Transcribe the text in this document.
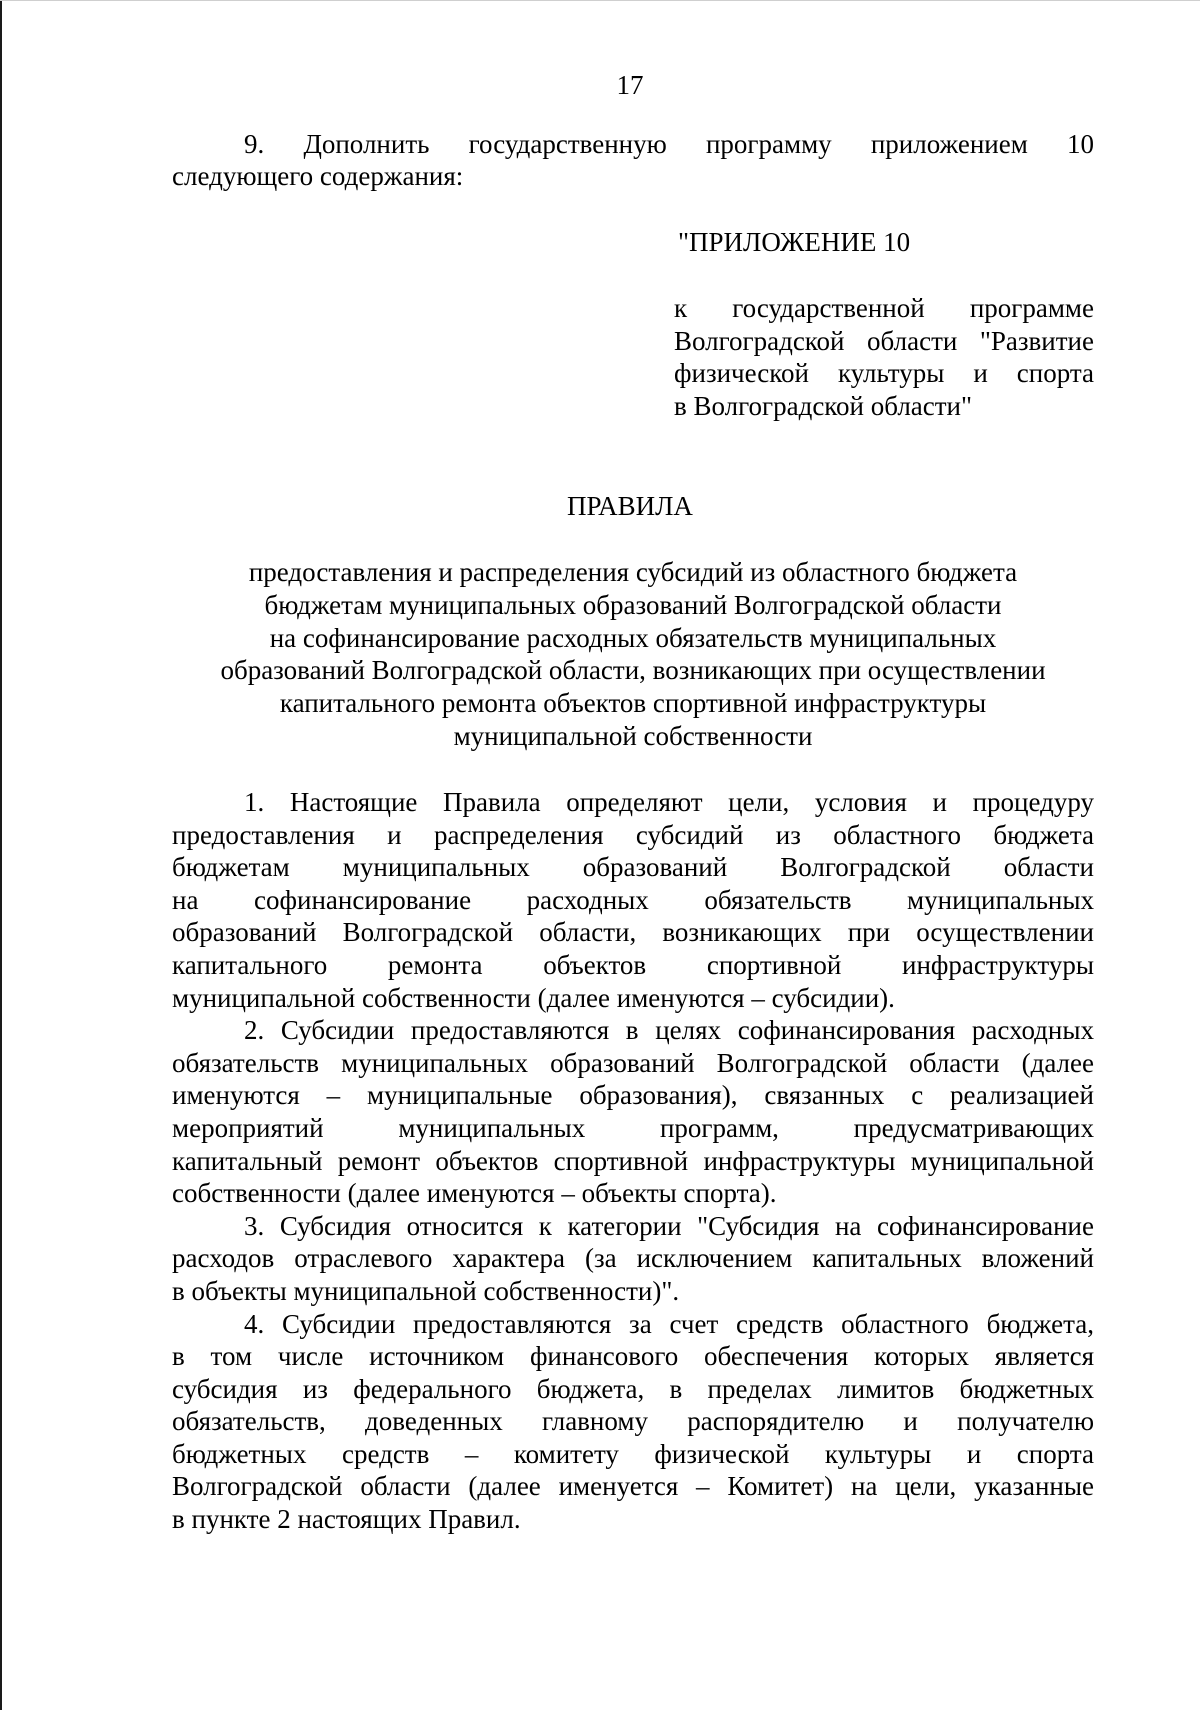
17

9. Дополнить государственную программу приложением 10

следующего содержания:

"ПРИЛОЖЕНИЕ 10
к государственной программе
Волгоградской области "Развитие
физической культуры и спорта
в Волгоградской области"
ПРАВИЛА
предоставления и распределения субсидий из областного бюджета
бюджетам муниципальных образований Волгоградской области
на софинансирование расходных обязательств муниципальных
образований Волгоградской области, возникающих при осуществлении
капитального ремонта объектов спортивной инфраструктуры
муниципальной собственности
1. Настоящие Правила определяют цели, условия и процедуру
предоставления и распределения субсидий из областного бюджета
бюджетам муниципальных образований Волгоградской области
на софинансирование расходных обязательств муниципальных
образований Волгоградской области, возникающих при осуществлении
капитального ремонта объектов спортивной инфраструктуры
муниципальной собственности (далее именуются – субсидии).
2. Субсидии предоставляются в целях софинансирования расходных
обязательств муниципальных образований Волгоградской области (далее
именуются – муниципальные образования), связанных с реализацией
мероприятий муниципальных программ, предусматривающих
капитальный ремонт объектов спортивной инфраструктуры муниципальной
собственности (далее именуются – объекты спорта).
3. Субсидия относится к категории "Субсидия на софинансирование
расходов отраслевого характера (за исключением капитальных вложений
в объекты муниципальной собственности)".
4. Субсидии предоставляются за счет средств областного бюджета,
в том числе источником финансового обеспечения которых является
субсидия из федерального бюджета, в пределах лимитов бюджетных
обязательств, доведенных главному распорядителю и получателю
бюджетных средств – комитету физической культуры и спорта
Волгоградской области (далее именуется – Комитет) на цели, указанные
в пункте 2 настоящих Правил.
